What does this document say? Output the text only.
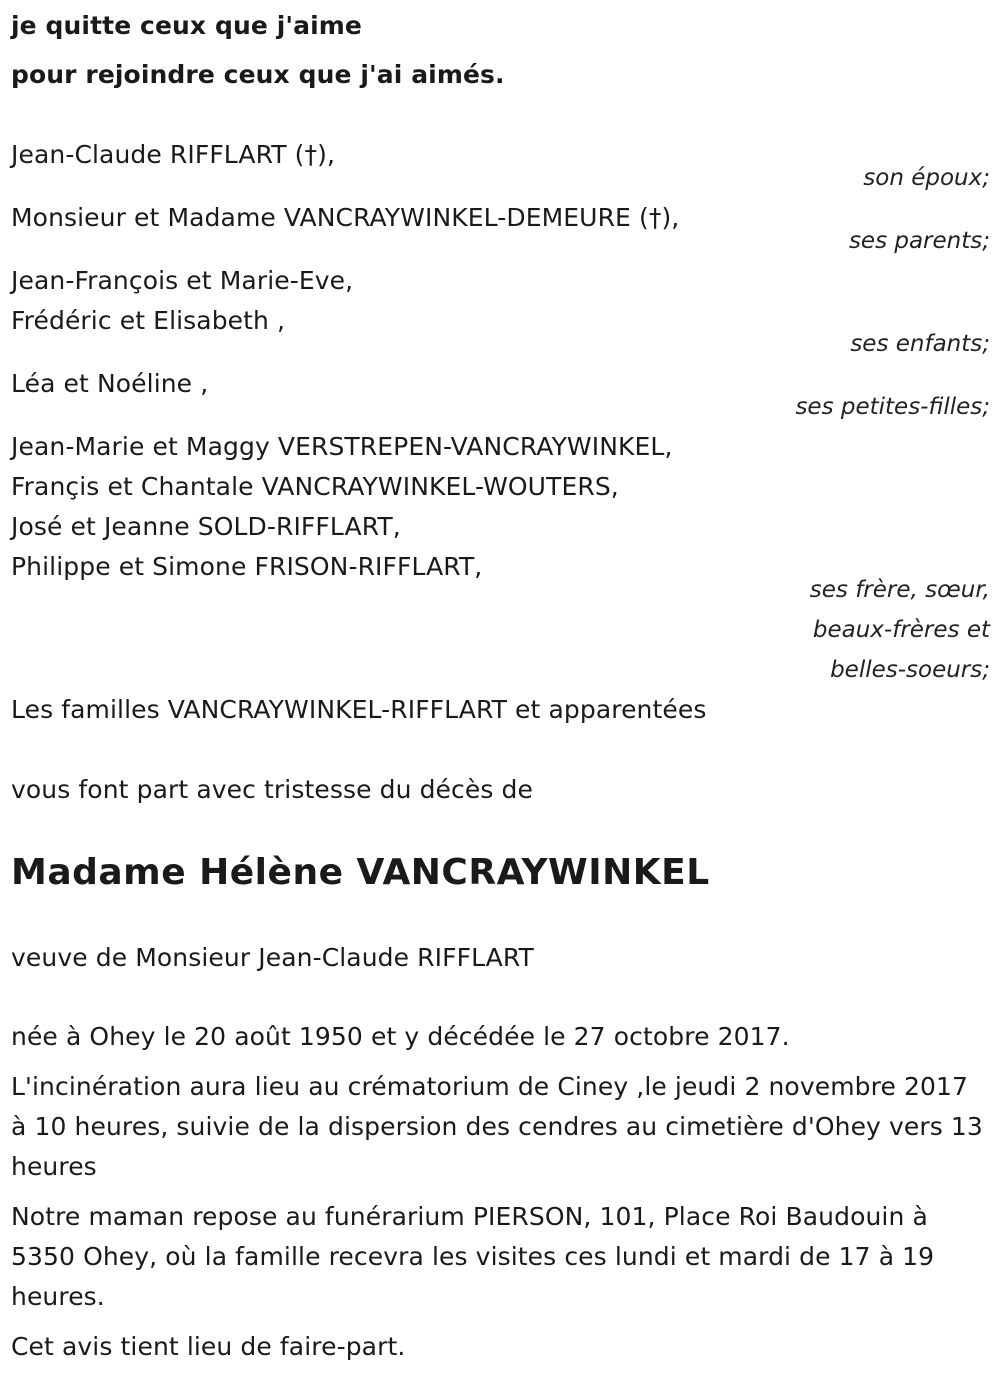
je quitte ceux que j'aime
pour rejoindre ceux que j'ai aimés.
Jean-Claude RIFFLART (†),
son époux;
Monsieur et Madame VANCRAYWINKEL-DEMEURE (†),
ses parents;
Jean-François et Marie-Eve,
Frédéric et Elisabeth ,
ses enfants;
Léa et Noéline ,
ses petites-filles;
Jean-Marie et Maggy VERSTREPEN-VANCRAYWINKEL,
Françis et Chantale VANCRAYWINKEL-WOUTERS,
José et Jeanne SOLD-RIFFLART,
Philippe et Simone FRISON-RIFFLART,
ses frère, sœur,
beaux-frères et
belles-soeurs;
Les familles VANCRAYWINKEL-RIFFLART et apparentées
vous font part avec tristesse du décès de
Madame Hélène VANCRAYWINKEL
veuve de Monsieur Jean-Claude RIFFLART
née à Ohey le 20 août 1950 et y décédée le 27 octobre 2017.
L'incinération aura lieu au crématorium de Ciney ,le jeudi 2 novembre 2017 à 10 heures, suivie de la dispersion des cendres au cimetière d'Ohey vers 13 heures
Notre maman repose au funérarium PIERSON, 101, Place Roi Baudouin à 5350 Ohey, où la famille recevra les visites ces lundi et mardi de 17 à 19 heures.
Cet avis tient lieu de faire-part.
